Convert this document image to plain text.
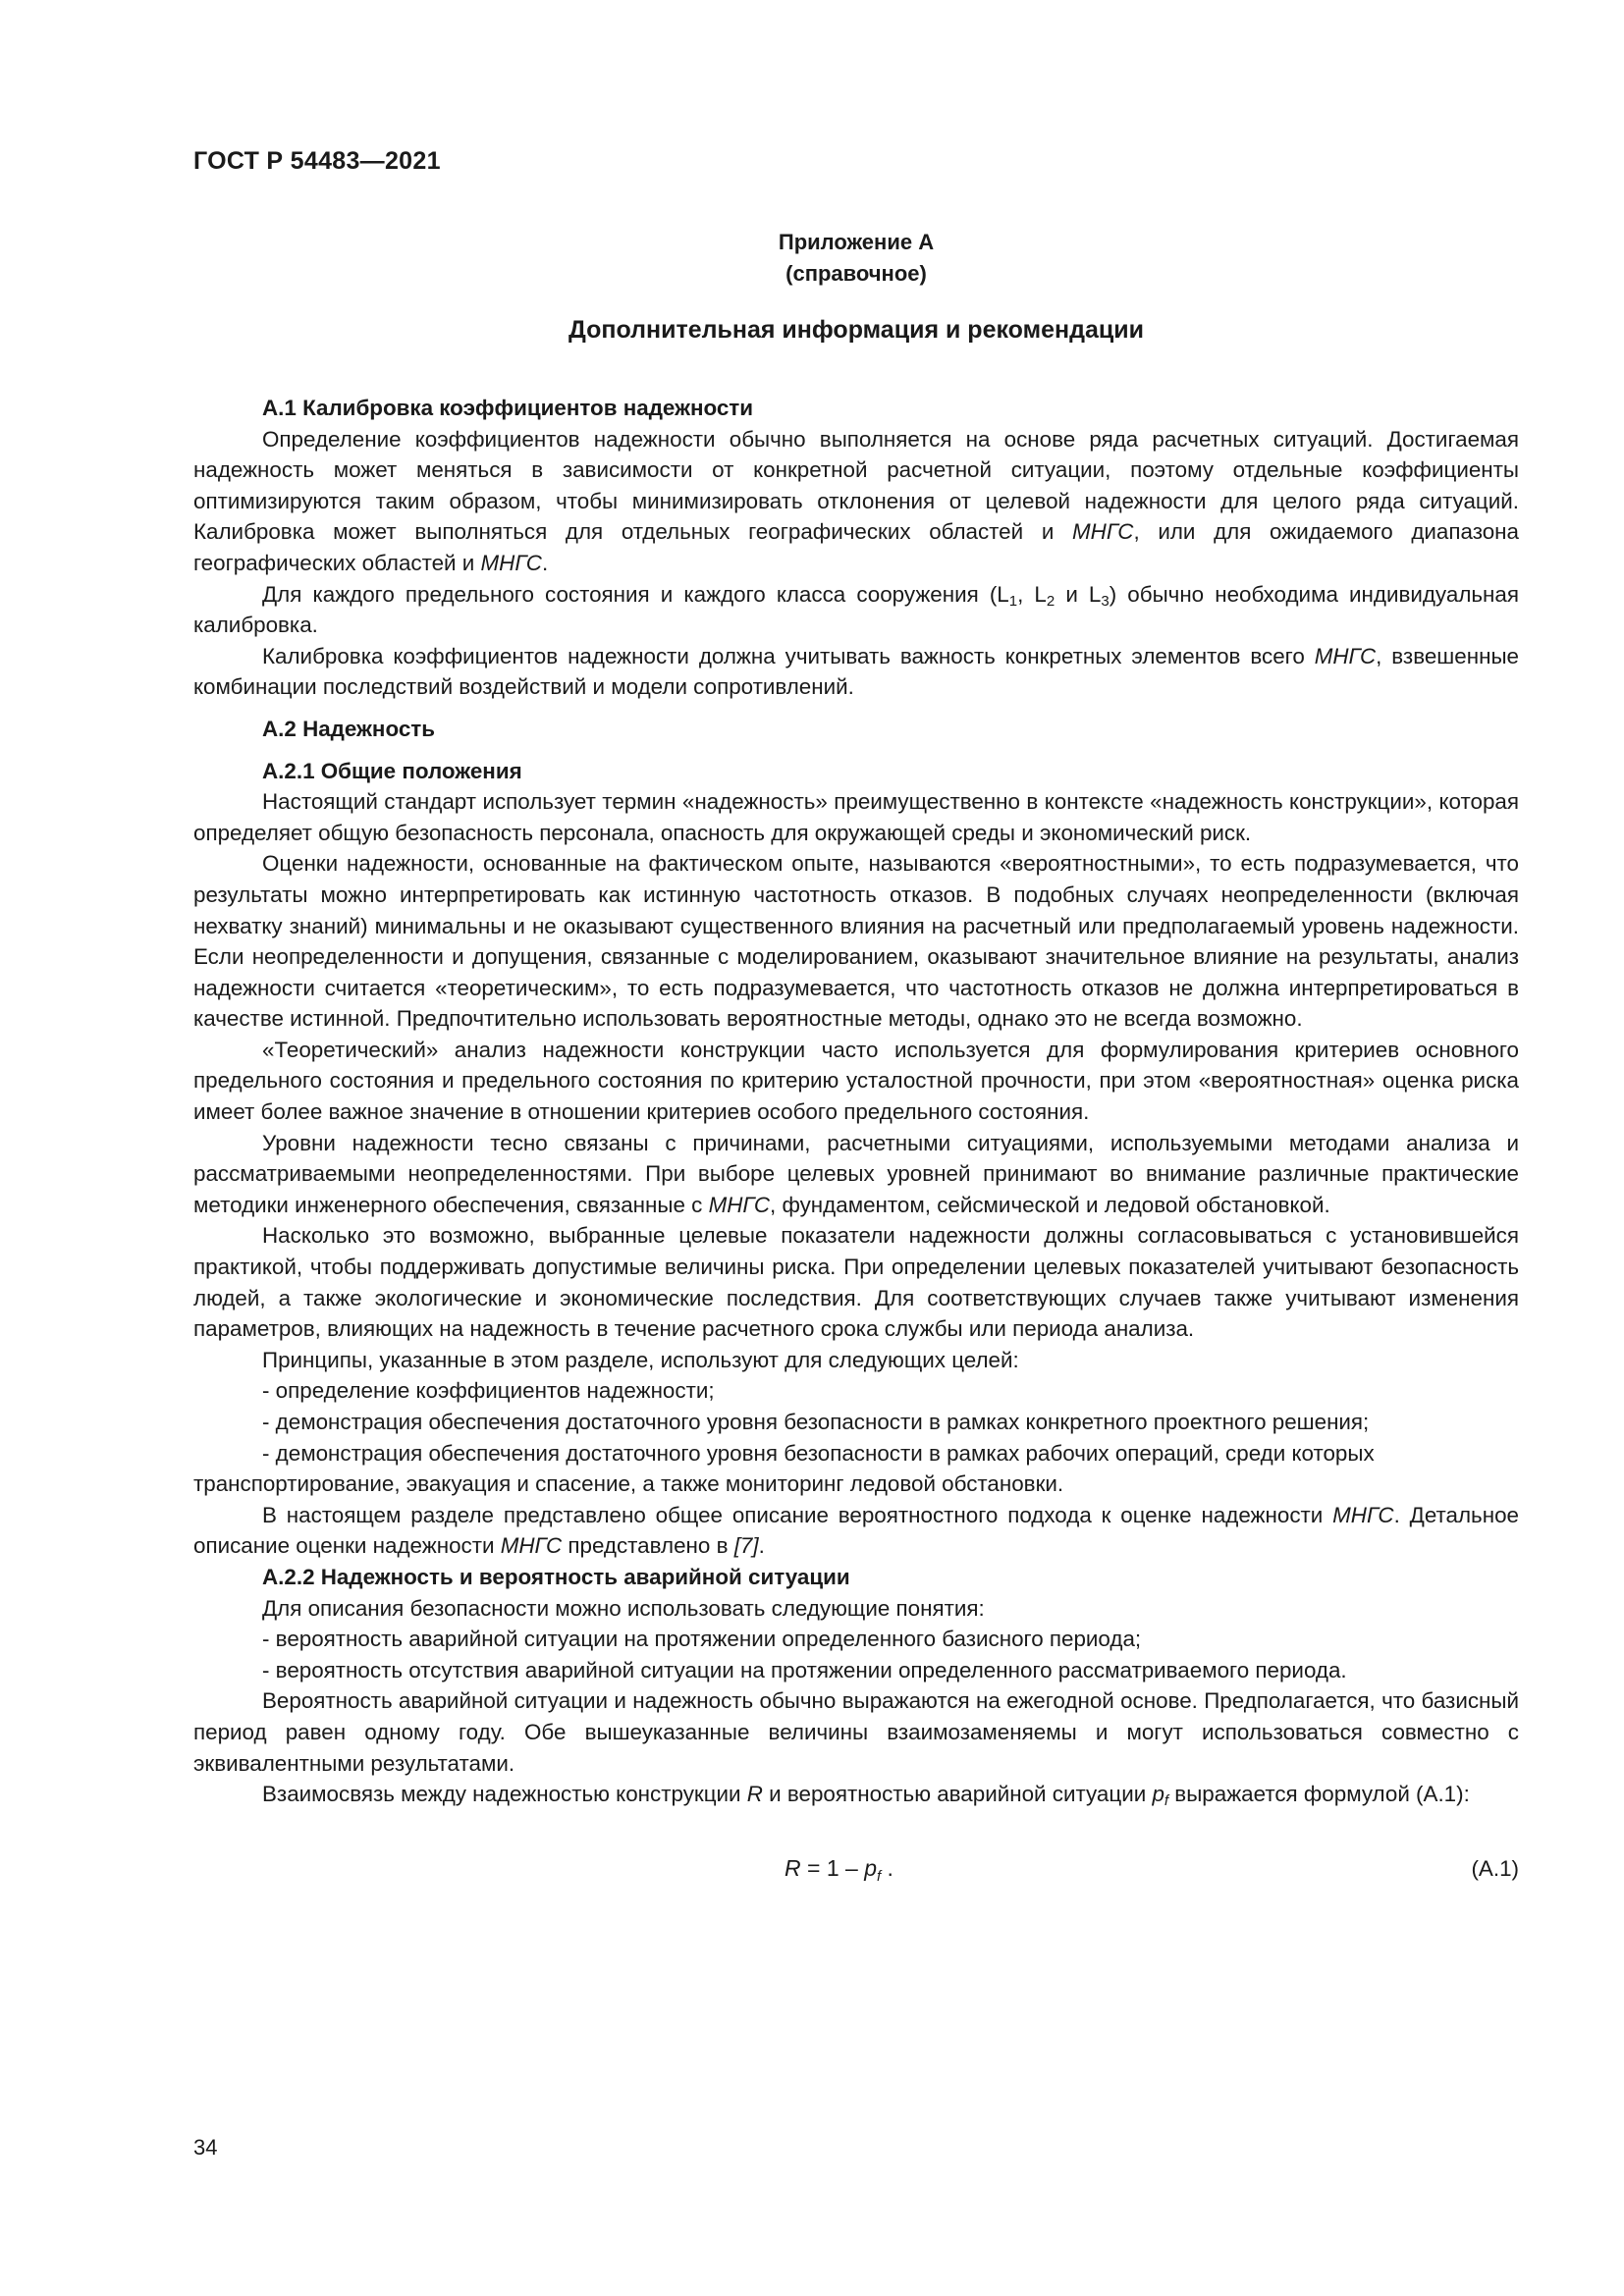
ГОСТ Р 54483—2021
Приложение А
(справочное)
Дополнительная информация и рекомендации
А.1 Калибровка коэффициентов надежности

Определение коэффициентов надежности обычно выполняется на основе ряда расчетных ситуаций. Достигаемая надежность может меняться в зависимости от конкретной расчетной ситуации, поэтому отдельные коэффициенты оптимизируются таким образом, чтобы минимизировать отклонения от целевой надежности для целого ряда ситуаций. Калибровка может выполняться для отдельных географических областей и МНГС, или для ожидаемого диапазона географических областей и МНГС.

Для каждого предельного состояния и каждого класса сооружения ($L_1$, $L_2$ и $L_3$) обычно необходима индивидуальная калибровка.

Калибровка коэффициентов надежности должна учитывать важность конкретных элементов всего МНГС, взвешенные комбинации последствий воздействий и модели сопротивлений.

А.2 Надежность
А.2.1 Общие положения

Настоящий стандарт использует термин «надежность» преимущественно в контексте «надежность конструкции», которая определяет общую безопасность персонала, опасность для окружающей среды и экономический риск.

Оценки надежности, основанные на фактическом опыте, называются «вероятностными», то есть подразумевается, что результаты можно интерпретировать как истинную частотность отказов. В подобных случаях неопределенности (включая нехватку знаний) минимальны и не оказывают существенного влияния на расчетный или предполагаемый уровень надежности. Если неопределенности и допущения, связанные с моделированием, оказывают значительное влияние на результаты, анализ надежности считается «теоретическим», то есть подразумевается, что частотность отказов не должна интерпретироваться в качестве истинной. Предпочтительно использовать вероятностные методы, однако это не всегда возможно.

«Теоретический» анализ надежности конструкции часто используется для формулирования критериев основного предельного состояния и предельного состояния по критерию усталостной прочности, при этом «вероятностная» оценка риска имеет более важное значение в отношении критериев особого предельного состояния.

Уровни надежности тесно связаны с причинами, расчетными ситуациями, используемыми методами анализа и рассматриваемыми неопределенностями. При выборе целевых уровней принимают во внимание различные практические методики инженерного обеспечения, связанные с МНГС, фундаментом, сейсмической и ледовой обстановкой.

Насколько это возможно, выбранные целевые показатели надежности должны согласовываться с установившейся практикой, чтобы поддерживать допустимые величины риска. При определении целевых показателей учитывают безопасность людей, а также экологические и экономические последствия. Для соответствующих случаев также учитывают изменения параметров, влияющих на надежность в течение расчетного срока службы или периода анализа.

Принципы, указанные в этом разделе, используют для следующих целей:

- определение коэффициентов надежности;
- демонстрация обеспечения достаточного уровня безопасности в рамках конкретного проектного решения;
- демонстрация обеспечения достаточного уровня безопасности в рамках рабочих операций, среди которых
транспортирование, эвакуация и спасение, а также мониторинг ледовой обстановки.

В настоящем разделе представлено общее описание вероятностного подхода к оценке надежности МНГС. Детальное описание оценки надежности МНГС представлено в [7].

А.2.2 Надежность и вероятность аварийной ситуации

Для описания безопасности можно использовать следующие понятия:

- вероятность аварийной ситуации на протяжении определенного базисного периода;
- вероятность отсутствия аварийной ситуации на протяжении определенного рассматриваемого периода.

Вероятность аварийной ситуации и надежность обычно выражаются на ежегодной основе. Предполагается, что базисный период равен одному году. Обе вышеуказанные величины взаимозаменяемы и могут использоваться совместно с эквивалентными результатами.

Взаимосвязь между надежностью конструкции R и вероятностью аварийной ситуации $p_f$ выражается формулой (А.1):

$R = 1 - p_f$ .	(А.1)
34
